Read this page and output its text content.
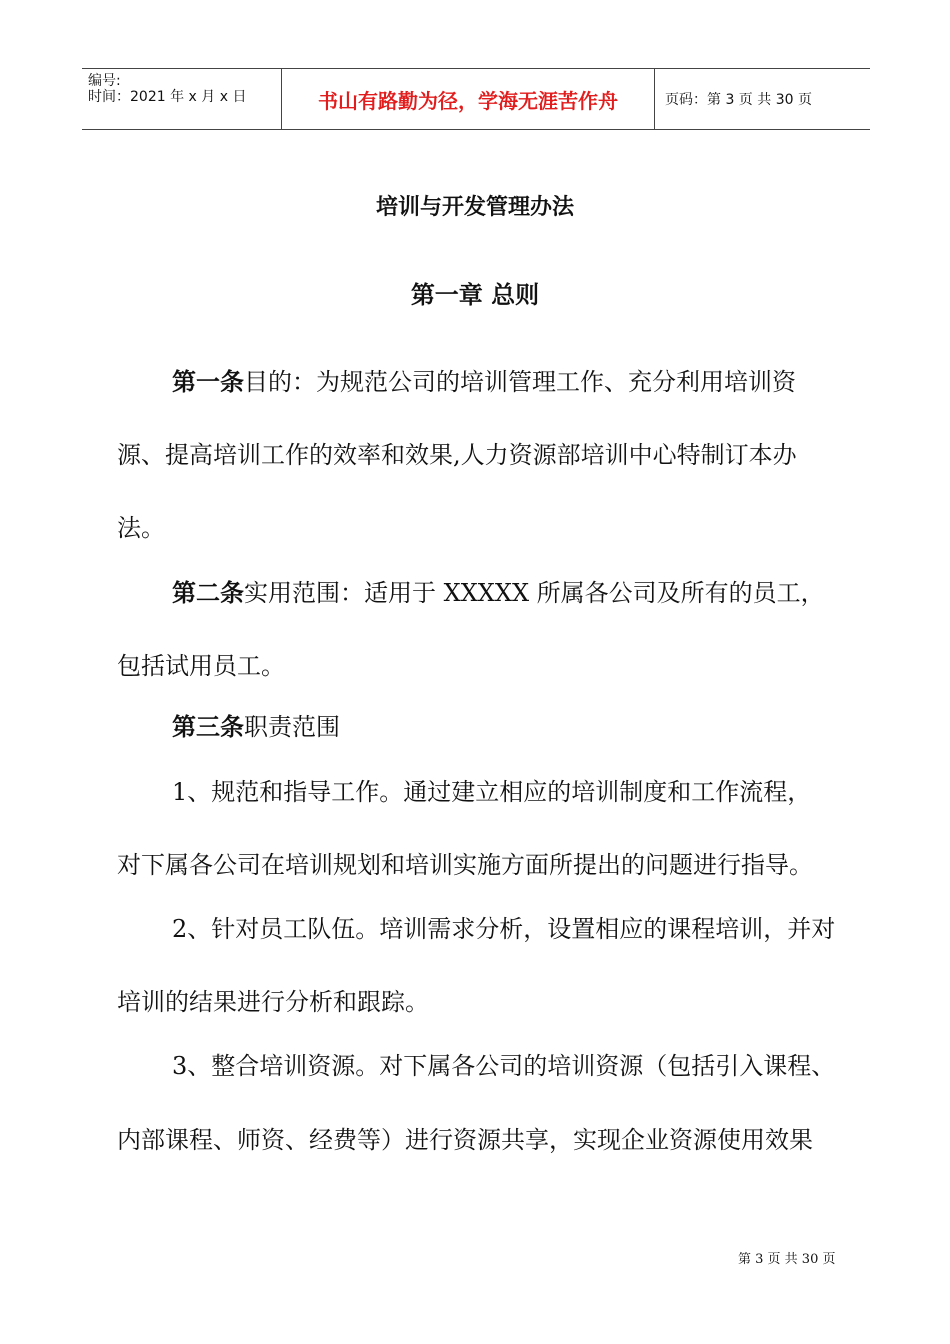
编号:
时间：2021 年 x 月 x 日	书山有路勤为径，学海无涯苦作舟	页码：第 3 页 共 30 页
培训与开发管理办法
第一章 总则
第一条目的：为规范公司的培训管理工作、充分利用培训资
源、提高培训工作的效率和效果,人力资源部培训中心特制订本办
法。
第二条实用范围：适用于 XXXXX 所属各公司及所有的员工，
包括试用员工。
第三条职责范围
1、规范和指导工作。通过建立相应的培训制度和工作流程，
对下属各公司在培训规划和培训实施方面所提出的问题进行指导。
2、针对员工队伍。培训需求分析，设置相应的课程培训，并对
培训的结果进行分析和跟踪。
3、整合培训资源。对下属各公司的培训资源（包括引入课程、
内部课程、师资、经费等）进行资源共享，实现企业资源使用效果
第 3 页 共 30 页
